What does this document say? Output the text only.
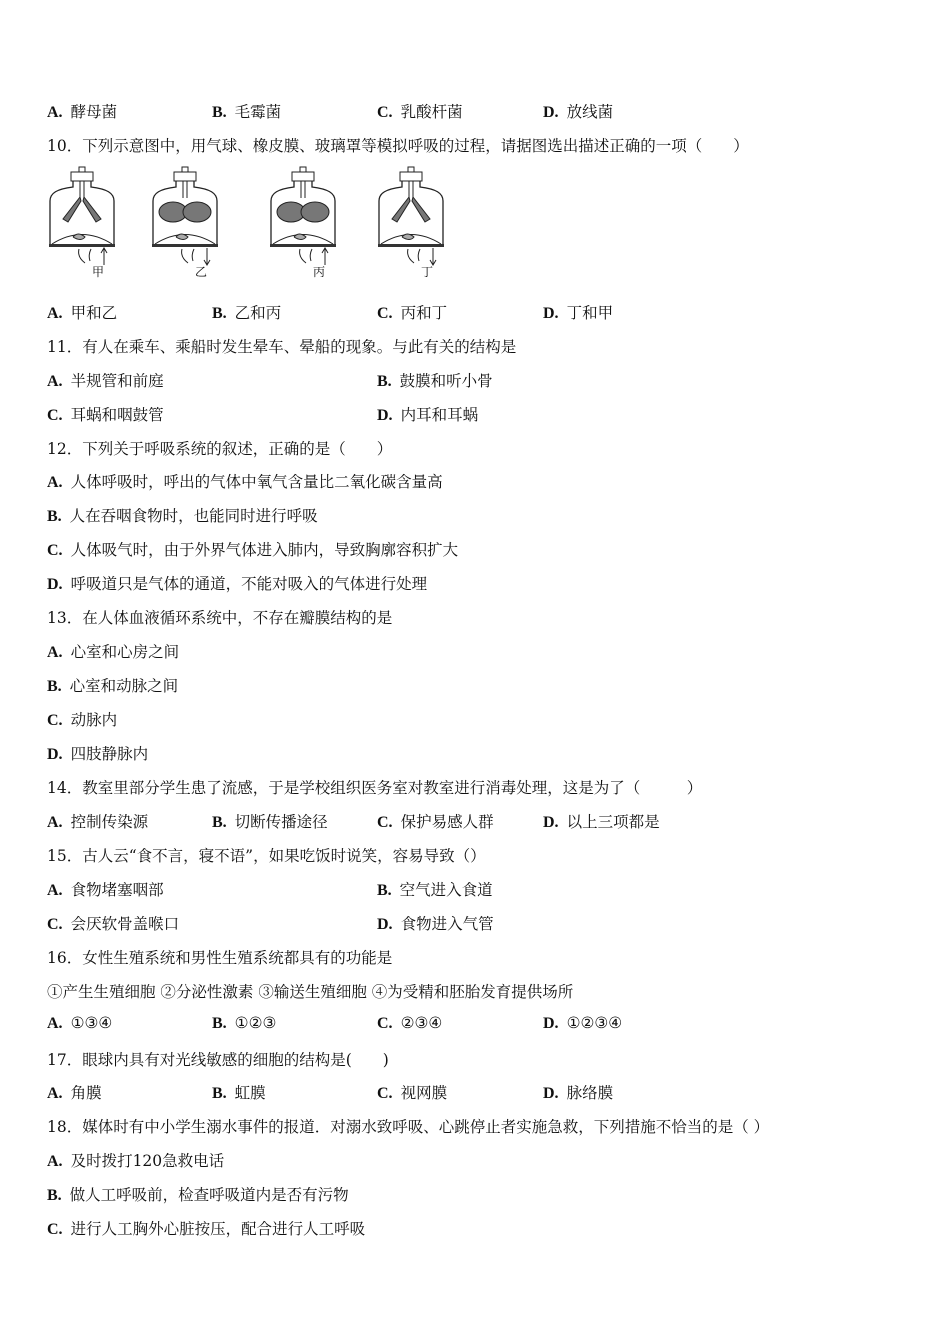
A. 酵母菌	B. 毛霉菌	C. 乳酸杆菌	D. 放线菌
10．下列示意图中，用气球、橡皮膜、玻璃罩等模拟呼吸的过程，请据图选出描述正确的一项（　　）
甲	乙	丙	丁
A. 甲和乙	B. 乙和丙	C. 丙和丁	D. 丁和甲
11．有人在乘车、乘船时发生晕车、晕船的现象。与此有关的结构是
A. 半规管和前庭	B. 鼓膜和听小骨
C. 耳蜗和咽鼓管	D. 内耳和耳蜗
12．下列关于呼吸系统的叙述，正确的是（　　）
A. 人体呼吸时，呼出的气体中氧气含量比二氧化碳含量高
B. 人在吞咽食物时，也能同时进行呼吸
C. 人体吸气时，由于外界气体进入肺内，导致胸廓容积扩大
D. 呼吸道只是气体的通道，不能对吸入的气体进行处理
13．在人体血液循环系统中，不存在瓣膜结构的是
A. 心室和心房之间
B. 心室和动脉之间
C. 动脉内
D. 四肢静脉内
14．教室里部分学生患了流感，于是学校组织医务室对教室进行消毒处理，这是为了（　　　）
A. 控制传染源	B. 切断传播途径	C. 保护易感人群	D. 以上三项都是
15．古人云“食不言，寝不语”，如果吃饭时说笑，容易导致（）
A. 食物堵塞咽部	B. 空气进入食道
C. 会厌软骨盖喉口	D. 食物进入气管
16．女性生殖系统和男性生殖系统都具有的功能是
①产生生殖细胞 ②分泌性激素 ③输送生殖细胞 ④为受精和胚胎发育提供场所
A. ①③④	B. ①②③	C. ②③④	D. ①②③④
17．眼球内具有对光线敏感的细胞的结构是(　　)
A. 角膜	B. 虹膜	C. 视网膜	D. 脉络膜
18．媒体时有中小学生溺水事件的报道．对溺水致呼吸、心跳停止者实施急救，下列措施不恰当的是（ ）
A. 及时拨打120急救电话
B. 做人工呼吸前，检查呼吸道内是否有污物
C. 进行人工胸外心脏按压，配合进行人工呼吸
